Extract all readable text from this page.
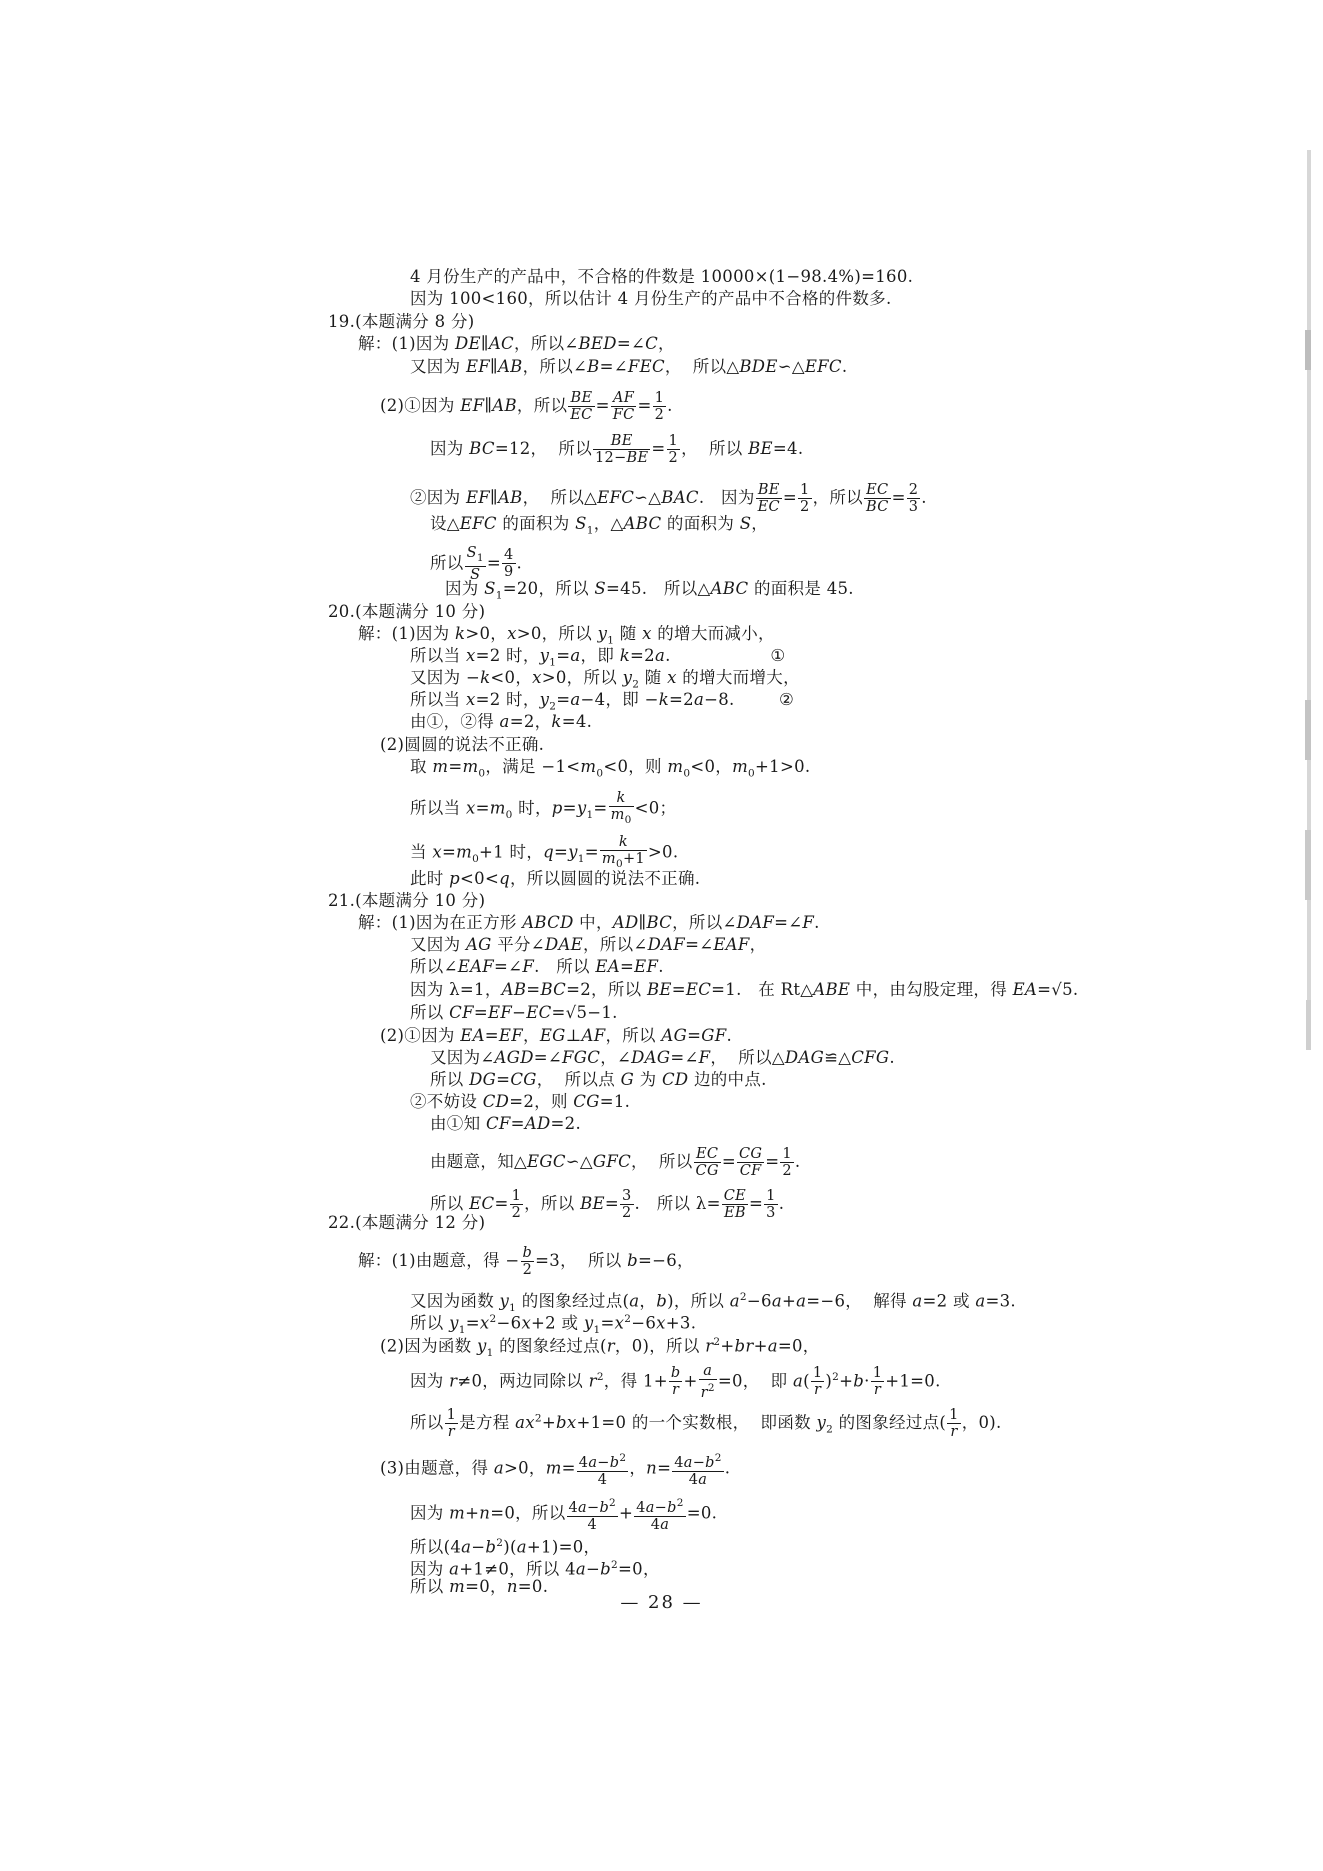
4 月份生产的产品中，不合格的件数是 10000×(1−98.4%)=160.
因为 100<160，所以估计 4 月份生产的产品中不合格的件数多.
19.(本题满分 8 分)
解：(1)因为 DE∥AC，所以∠BED=∠C，
又因为 EF∥AB，所以∠B=∠FEC，  所以△BDE∽△EFC.
(2)①因为 EF∥AB，所以 $\frac{BE}{EC} = \frac{AF}{FC} = \frac{1}{2}$ .
因为 BC=12，  所以 $\frac{BE}{12-BE} = \frac{1}{2}$ ，  所以 BE=4.
②因为 EF∥AB，  所以△EFC∽△BAC.   因为 $\frac{BE}{EC} = \frac{1}{2}$ ，所以 $\frac{EC}{BC} = \frac{2}{3}$ .
设△EFC 的面积为 $S_1$，△ABC 的面积为 S，
所以 $\frac{S_1}{S} = \frac{4}{9}$ .
因为 $S_1=20$，所以 S=45.   所以△ABC 的面积是 45.
20.(本题满分 10 分)
解：(1)因为 k>0，x>0，所以 $y_1$ 随 x 的增大而减小，
所以当 x=2 时，$y_1=a$，即 k=2a.                  ①
又因为 −k<0，x>0，所以 $y_2$ 随 x 的增大而增大，
所以当 x=2 时，$y_2=a-4$，即 −k=2a−8.        ②
由①，②得 a=2，k=4.
(2)圆圆的说法不正确.
取 $m=m_0$，满足 $-1<m_0<0$，则 $m_0<0$，$m_0+1>0$.
所以当 $x=m_0$ 时，$p=y_1= \frac{k}{m_0} <0$；
当 $x=m_0+1$ 时，$q=y_1= \frac{k}{m_0+1} >0$.
此时 p<0<q，所以圆圆的说法不正确.
21.(本题满分 10 分)
解：(1)因为在正方形 ABCD 中，AD∥BC，所以∠DAF=∠F.
又因为 AG 平分∠DAE，所以∠DAF=∠EAF，
所以∠EAF=∠F.   所以 EA=EF.
因为 λ=1，AB=BC=2，所以 BE=EC=1.   在 Rt△ABE 中，由勾股定理，得 EA=√5.
所以 CF=EF−EC=√5−1.
(2)①因为 EA=EF，EG⊥AF，所以 AG=GF.
又因为∠AGD=∠FGC，∠DAG=∠F，  所以△DAG≌△CFG.
所以 DG=CG，  所以点 G 为 CD 边的中点.
②不妨设 CD=2，则 CG=1.
由①知 CF=AD=2.
由题意，知△EGC∽△GFC，  所以 $\frac{EC}{CG} = \frac{CG}{CF} = \frac{1}{2}$ .
所以 $EC= \frac{1}{2}$ ，所以 $BE= \frac{3}{2}$ .   所以 $\lambda= \frac{CE}{EB} = \frac{1}{3}$ .
22.(本题满分 12 分)
解：(1)由题意，得 − $\frac{b}{2} =3$，  所以 b=−6，
又因为函数 $y_1$ 的图象经过点(a，b)，所以 $a^2-6a+a=-6$，  解得 a=2 或 a=3.
所以 $y_1=x^2-6x+2$ 或 $y_1=x^2-6x+3$.
(2)因为函数 $y_1$ 的图象经过点(r，0)，所以 $r^2+br+a=0$，
因为 r≠0，两边同除以 $r^2$，得 $1+ \frac{b}{r} + \frac{a}{r^2} =0$，  即 $a( \frac{1}{r} )^2+b\cdot \frac{1}{r} +1=0$.
所以 $\frac{1}{r}$ 是方程 $ax^2+bx+1=0$ 的一个实数根，  即函数 $y_2$ 的图象经过点( $\frac{1}{r}$ ，0).
(3)由题意，得 a>0，$m= \frac{4a-b^2}{4}$ ，$n= \frac{4a-b^2}{4a}$ .
因为 m+n=0，所以 $\frac{4a-b^2}{4} + \frac{4a-b^2}{4a} =0$.
所以$(4a-b^2)(a+1)=0$，
因为 a+1≠0，所以 $4a-b^2=0$，
所以 m=0，n=0.
— 28 —
